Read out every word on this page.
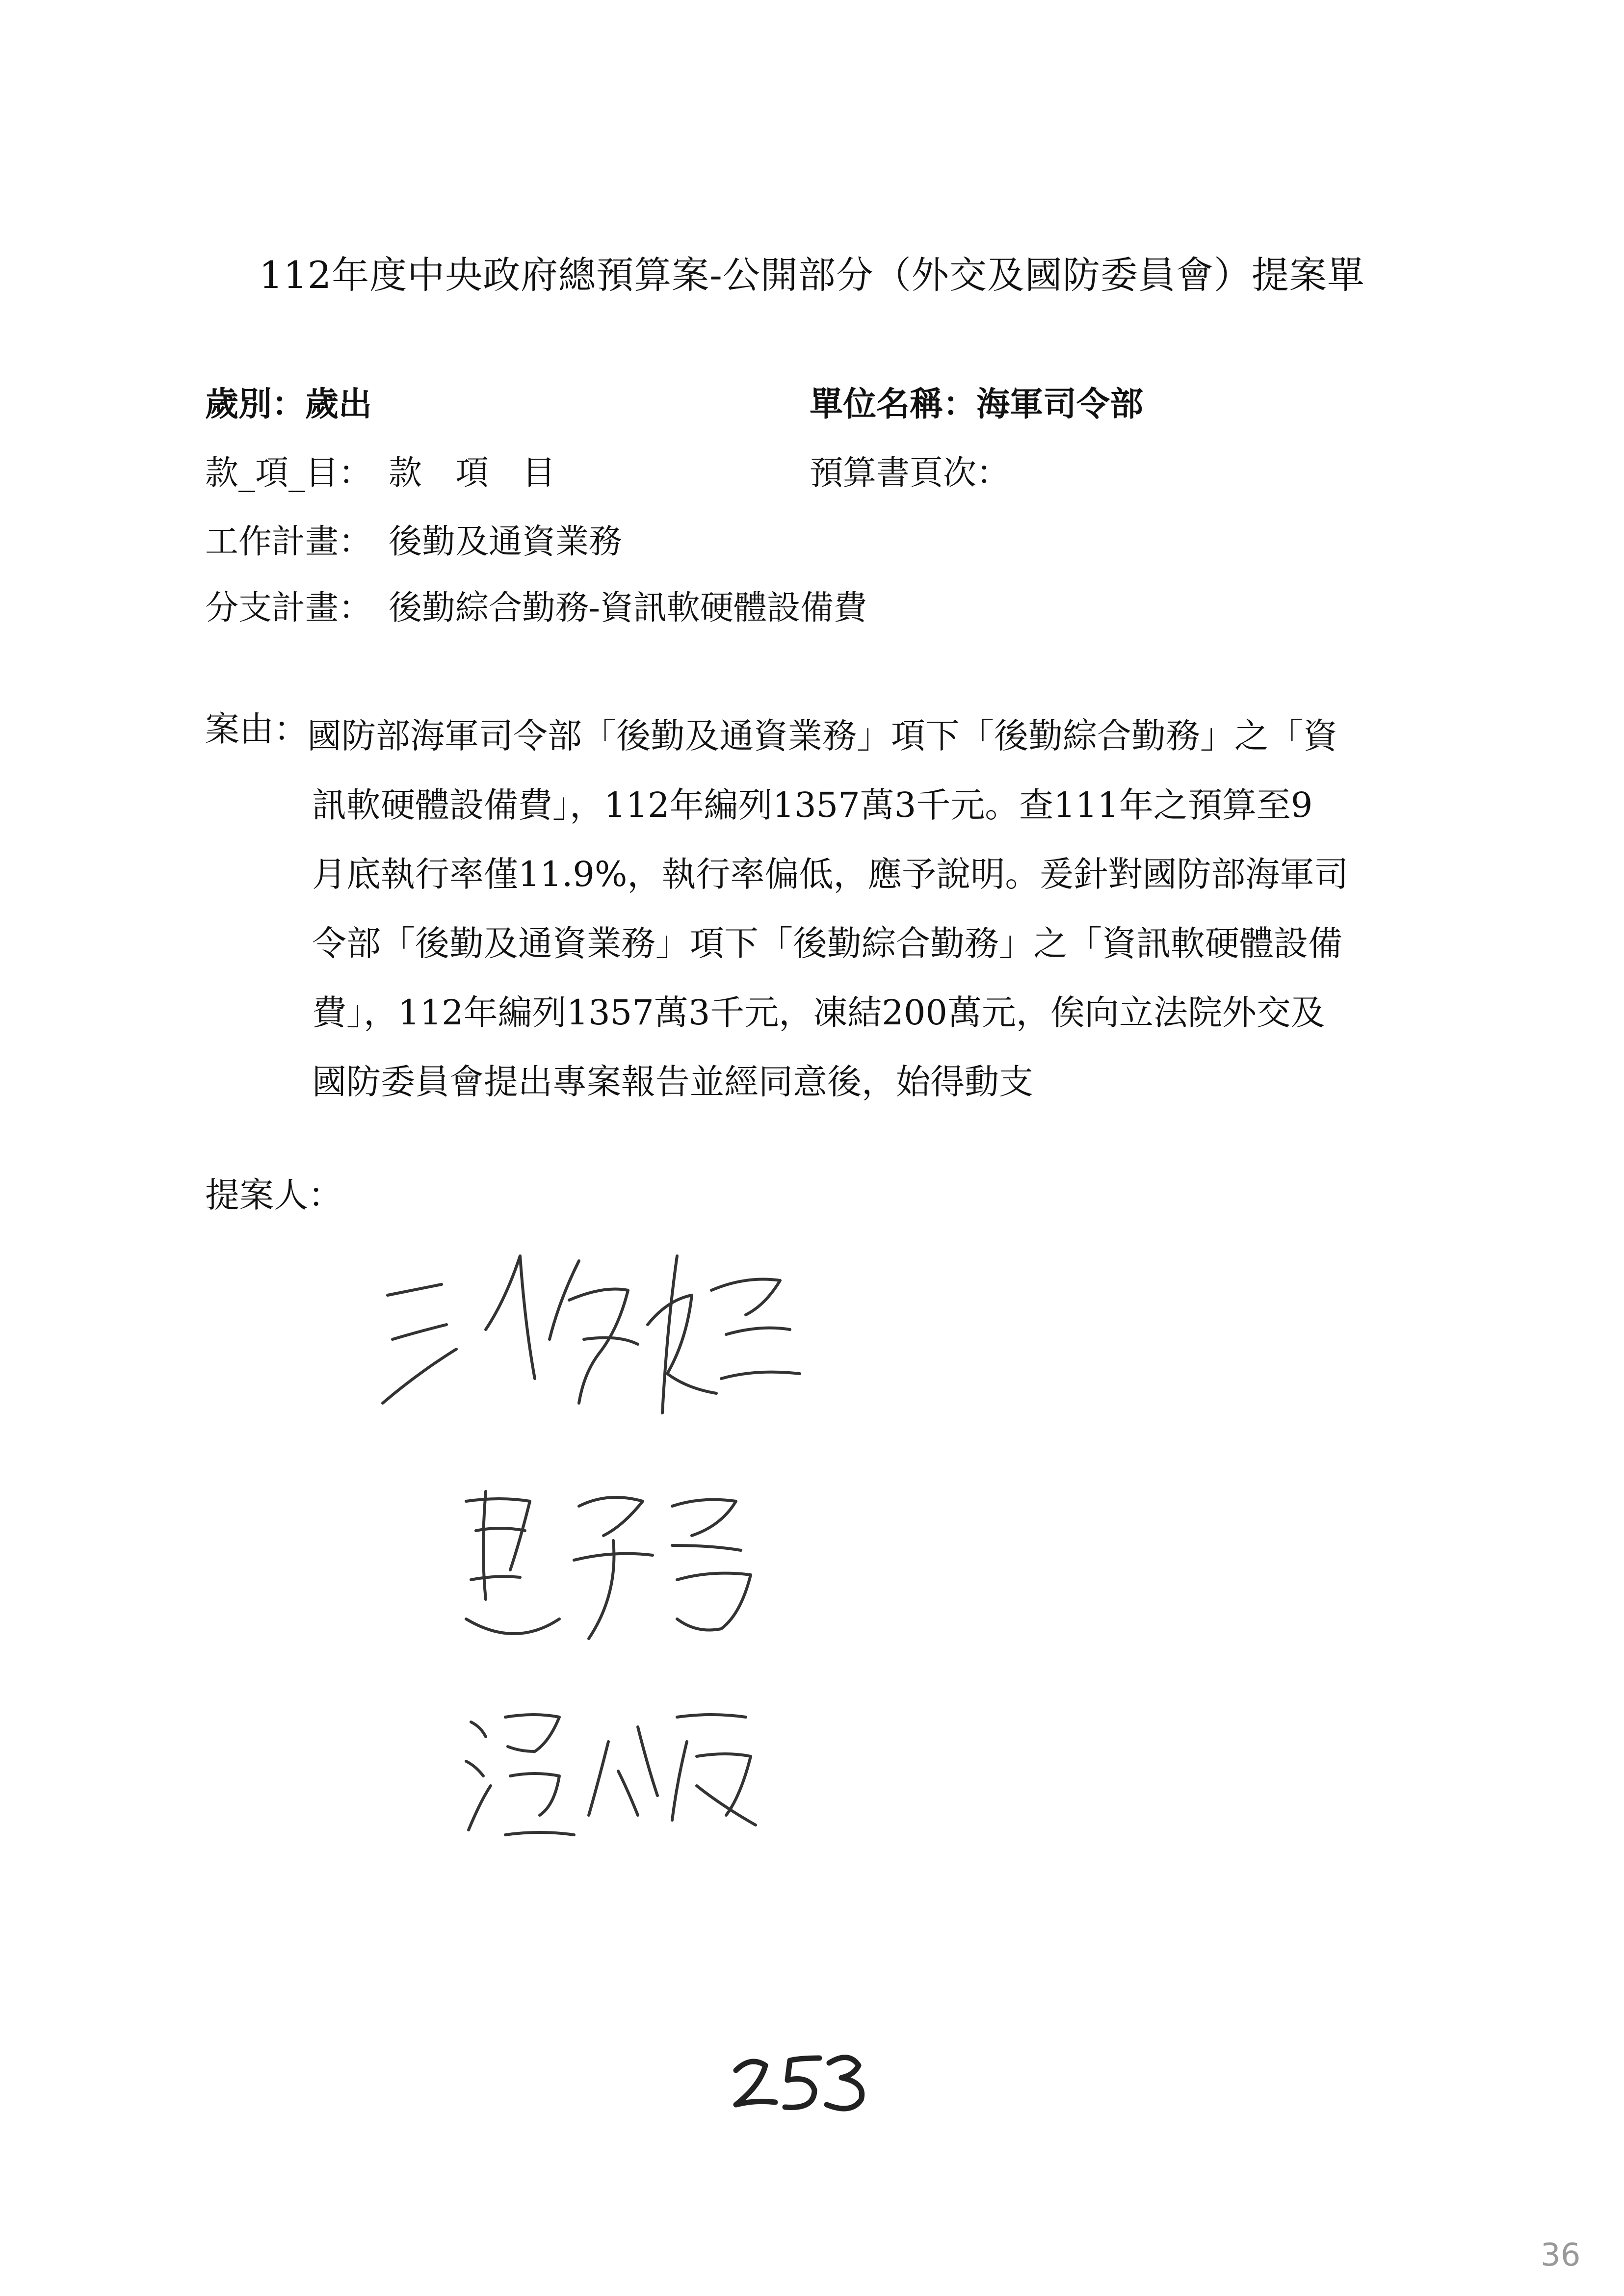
112年度中央政府總預算案-公開部分（外交及國防委員會）提案單
歲別：歲出	單位名稱：海軍司令部
款_項_目：　款　項　目	預算書頁次：
工作計畫：　後勤及通資業務
分支計畫：　後勤綜合勤務-資訊軟硬體設備費
案由：
國防部海軍司令部「後勤及通資業務」項下「後勤綜合勤務」之「資
訊軟硬體設備費」，112年編列1357萬3千元。查111年之預算至9
月底執行率僅11.9%，執行率偏低，應予說明。爰針對國防部海軍司
令部「後勤及通資業務」項下「後勤綜合勤務」之「資訊軟硬體設備
費」，112年編列1357萬3千元，凍結200萬元，俟向立法院外交及
國防委員會提出專案報告並經同意後，始得動支
提案人：
36
